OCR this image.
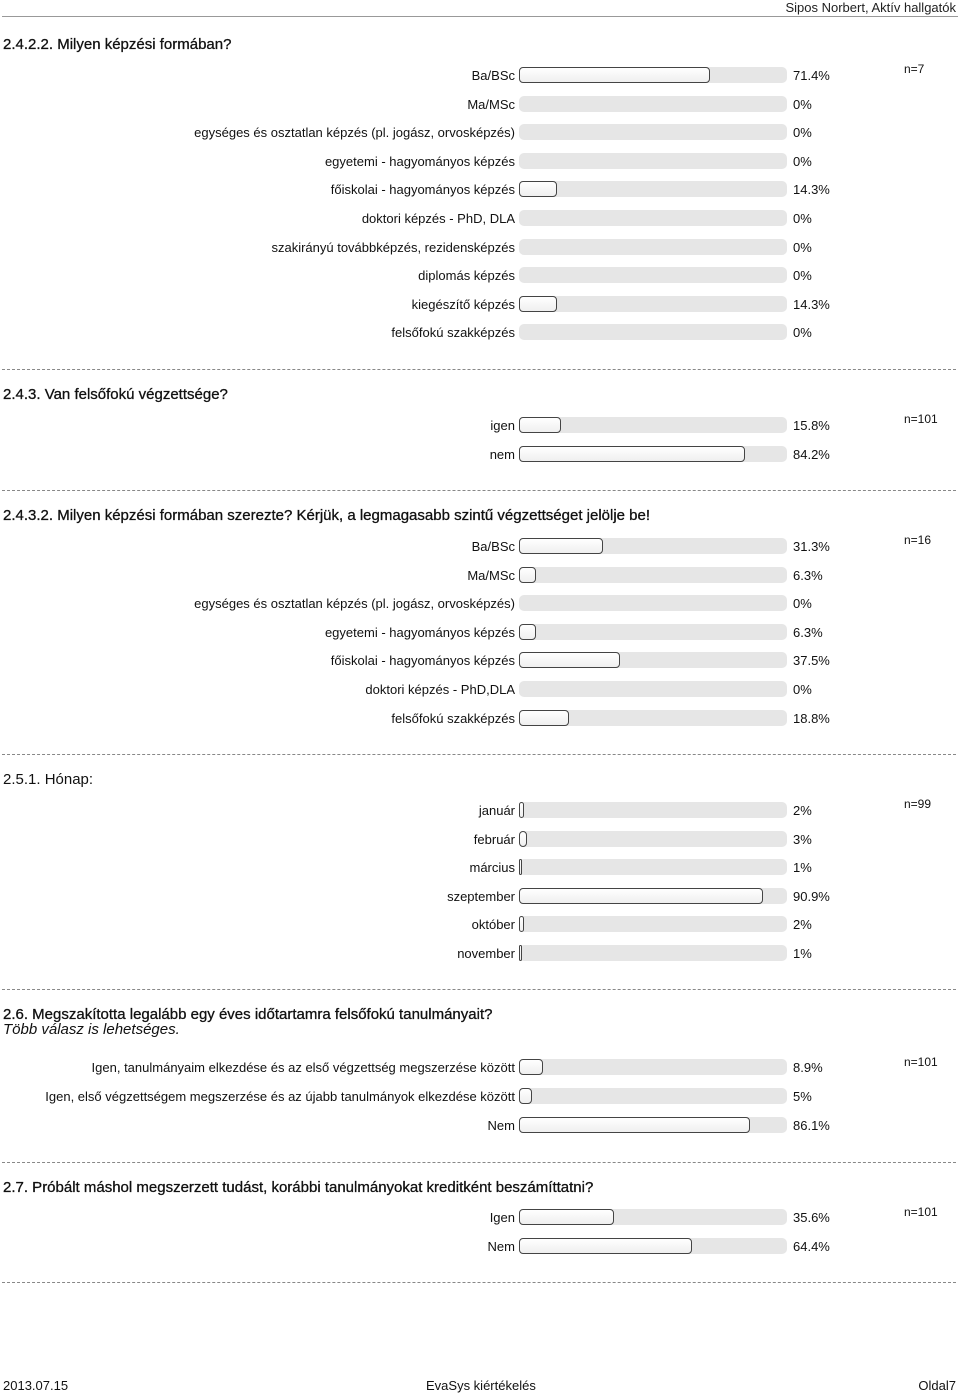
Sipos Norbert, Aktív hallgatók
2.4.2.2. Milyen képzési formában?
n=7
Ba/BSc	71.4%
Ma/MSc	0%
egységes és osztatlan képzés (pl. jogász, orvosképzés)	0%
egyetemi - hagyományos képzés	0%
főiskolai - hagyományos képzés	14.3%
doktori képzés - PhD, DLA	0%
szakirányú továbbképzés, rezidensképzés	0%
diplomás képzés	0%
kiegészítő képzés	14.3%
felsőfokú szakképzés	0%
2.4.3. Van felsőfokú végzettsége?
n=101
igen	15.8%
nem	84.2%
2.4.3.2. Milyen képzési formában szerezte? Kérjük, a legmagasabb szintű végzettséget jelölje be!
n=16
Ba/BSc	31.3%
Ma/MSc	6.3%
egységes és osztatlan képzés (pl. jogász, orvosképzés)	0%
egyetemi - hagyományos képzés	6.3%
főiskolai - hagyományos képzés	37.5%
doktori képzés - PhD,DLA	0%
felsőfokú szakképzés	18.8%
2.5.1. Hónap:
n=99
január	2%
február	3%
március	1%
szeptember	90.9%
október	2%
november	1%
2.6. Megszakította legalább egy éves időtartamra felsőfokú tanulmányait?
Több válasz is lehetséges.
n=101
Igen, tanulmányaim elkezdése és az első végzettség megszerzése között	8.9%
Igen, első végzettségem megszerzése és az újabb tanulmányok elkezdése között	5%
Nem	86.1%
2.7. Próbált máshol megszerzett tudást, korábbi tanulmányokat kreditként beszámíttatni?
n=101
Igen	35.6%
Nem	64.4%
2013.07.15	EvaSys kiértékelés	Oldal7
